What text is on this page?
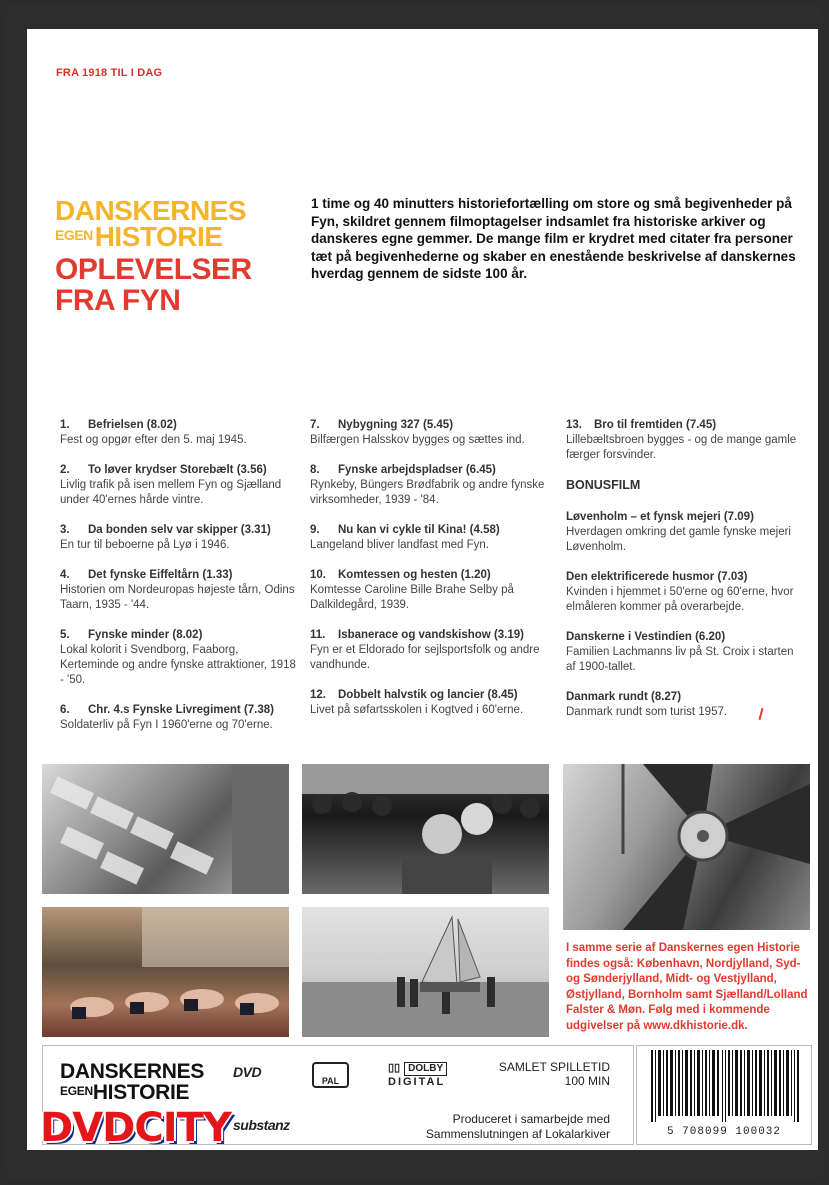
FRA 1918 TIL I DAG
DANSKERNES
$^{EGEN}$HISTORIE
OPLEVELSER
FRA FYN
1 time og 40 minutters historiefortælling om store og små begivenheder på Fyn, skildret gennem filmoptagelser indsamlet fra historiske arkiver og danskeres egne gemmer. De mange film er krydret med citater fra personer tæt på begivenhederne og skaber en enestående beskrivelse af danskernes hverdag gennem de sidste 100 år.
1.	Befrielsen (8.02)
Fest og opgør efter den 5. maj 1945.
2.	To løver krydser Storebælt (3.56)
Livlig trafik på isen mellem Fyn og Sjælland under 40'ernes hårde vintre.
3.	Da bonden selv var skipper (3.31)
En tur til beboerne på Lyø i 1946.
4.	Det fynske Eiffeltårn (1.33)
Historien om Nordeuropas højeste tårn, Odins Taarn, 1935 - '44.
5.	Fynske minder (8.02)
Lokal kolorit i Svendborg, Faaborg, Kerteminde og andre fynske attraktioner, 1918 - '50.
6.	Chr. 4.s Fynske Livregiment (7.38)
Soldaterliv på Fyn I 1960'erne og 70'erne.
7.	Nybygning 327 (5.45)
Bilfærgen Halsskov bygges og sættes ind.
8.	Fynske arbejdspladser (6.45)
Rynkeby, Büngers Brødfabrik og andre fynske virksomheder, 1939 - '84.
9.	Nu kan vi cykle til Kina! (4.58)
Langeland bliver landfast med Fyn.
10.	Komtessen og hesten (1.20)
Komtesse Caroline Bille Brahe Selby på Dalkildegård, 1939.
11.	Isbanerace og vandskishow (3.19)
Fyn er et Eldorado for sejlsportsfolk og andre vandhunde.
12.	Dobbelt halvstik og lancier (8.45)
Livet på søfartsskolen i Kogtved i 60'erne.
13.	Bro til fremtiden (7.45)
Lillebæltsbroen bygges - og de mange gamle færger forsvinder.
BONUSFILM
Løvenholm – et fynsk mejeri (7.09)
Hverdagen omkring det gamle fynske mejeri Løvenholm.
Den elektrificerede husmor (7.03)
Kvinden i hjemmet i 50'erne og 60'erne, hvor elmåleren kommer på overarbejde.
Danskerne i Vestindien (6.20)
Familien Lachmanns liv på St. Croix i starten af 1900-tallet.
Danmark rundt (8.27)
Danmark rundt som turist 1957.
I samme serie af Danskernes egen Historie findes også: København, Nordjylland, Syd- og Sønderjylland, Midt- og Vestjylland, Østjylland, Bornholm samt Sjælland/Lolland Falster & Møn. Følg med i kommende udgivelser på www.dkhistorie.dk.
DANSKERNES
EGENHISTORIE
DVD
PAL
▯▯ DOLBY
DIGITAL
SAMLET SPILLETID
100 MIN
Produceret i samarbejde med
Sammenslutningen af Lokalarkiver
substanz	5 708099 100032
DVDCITY
